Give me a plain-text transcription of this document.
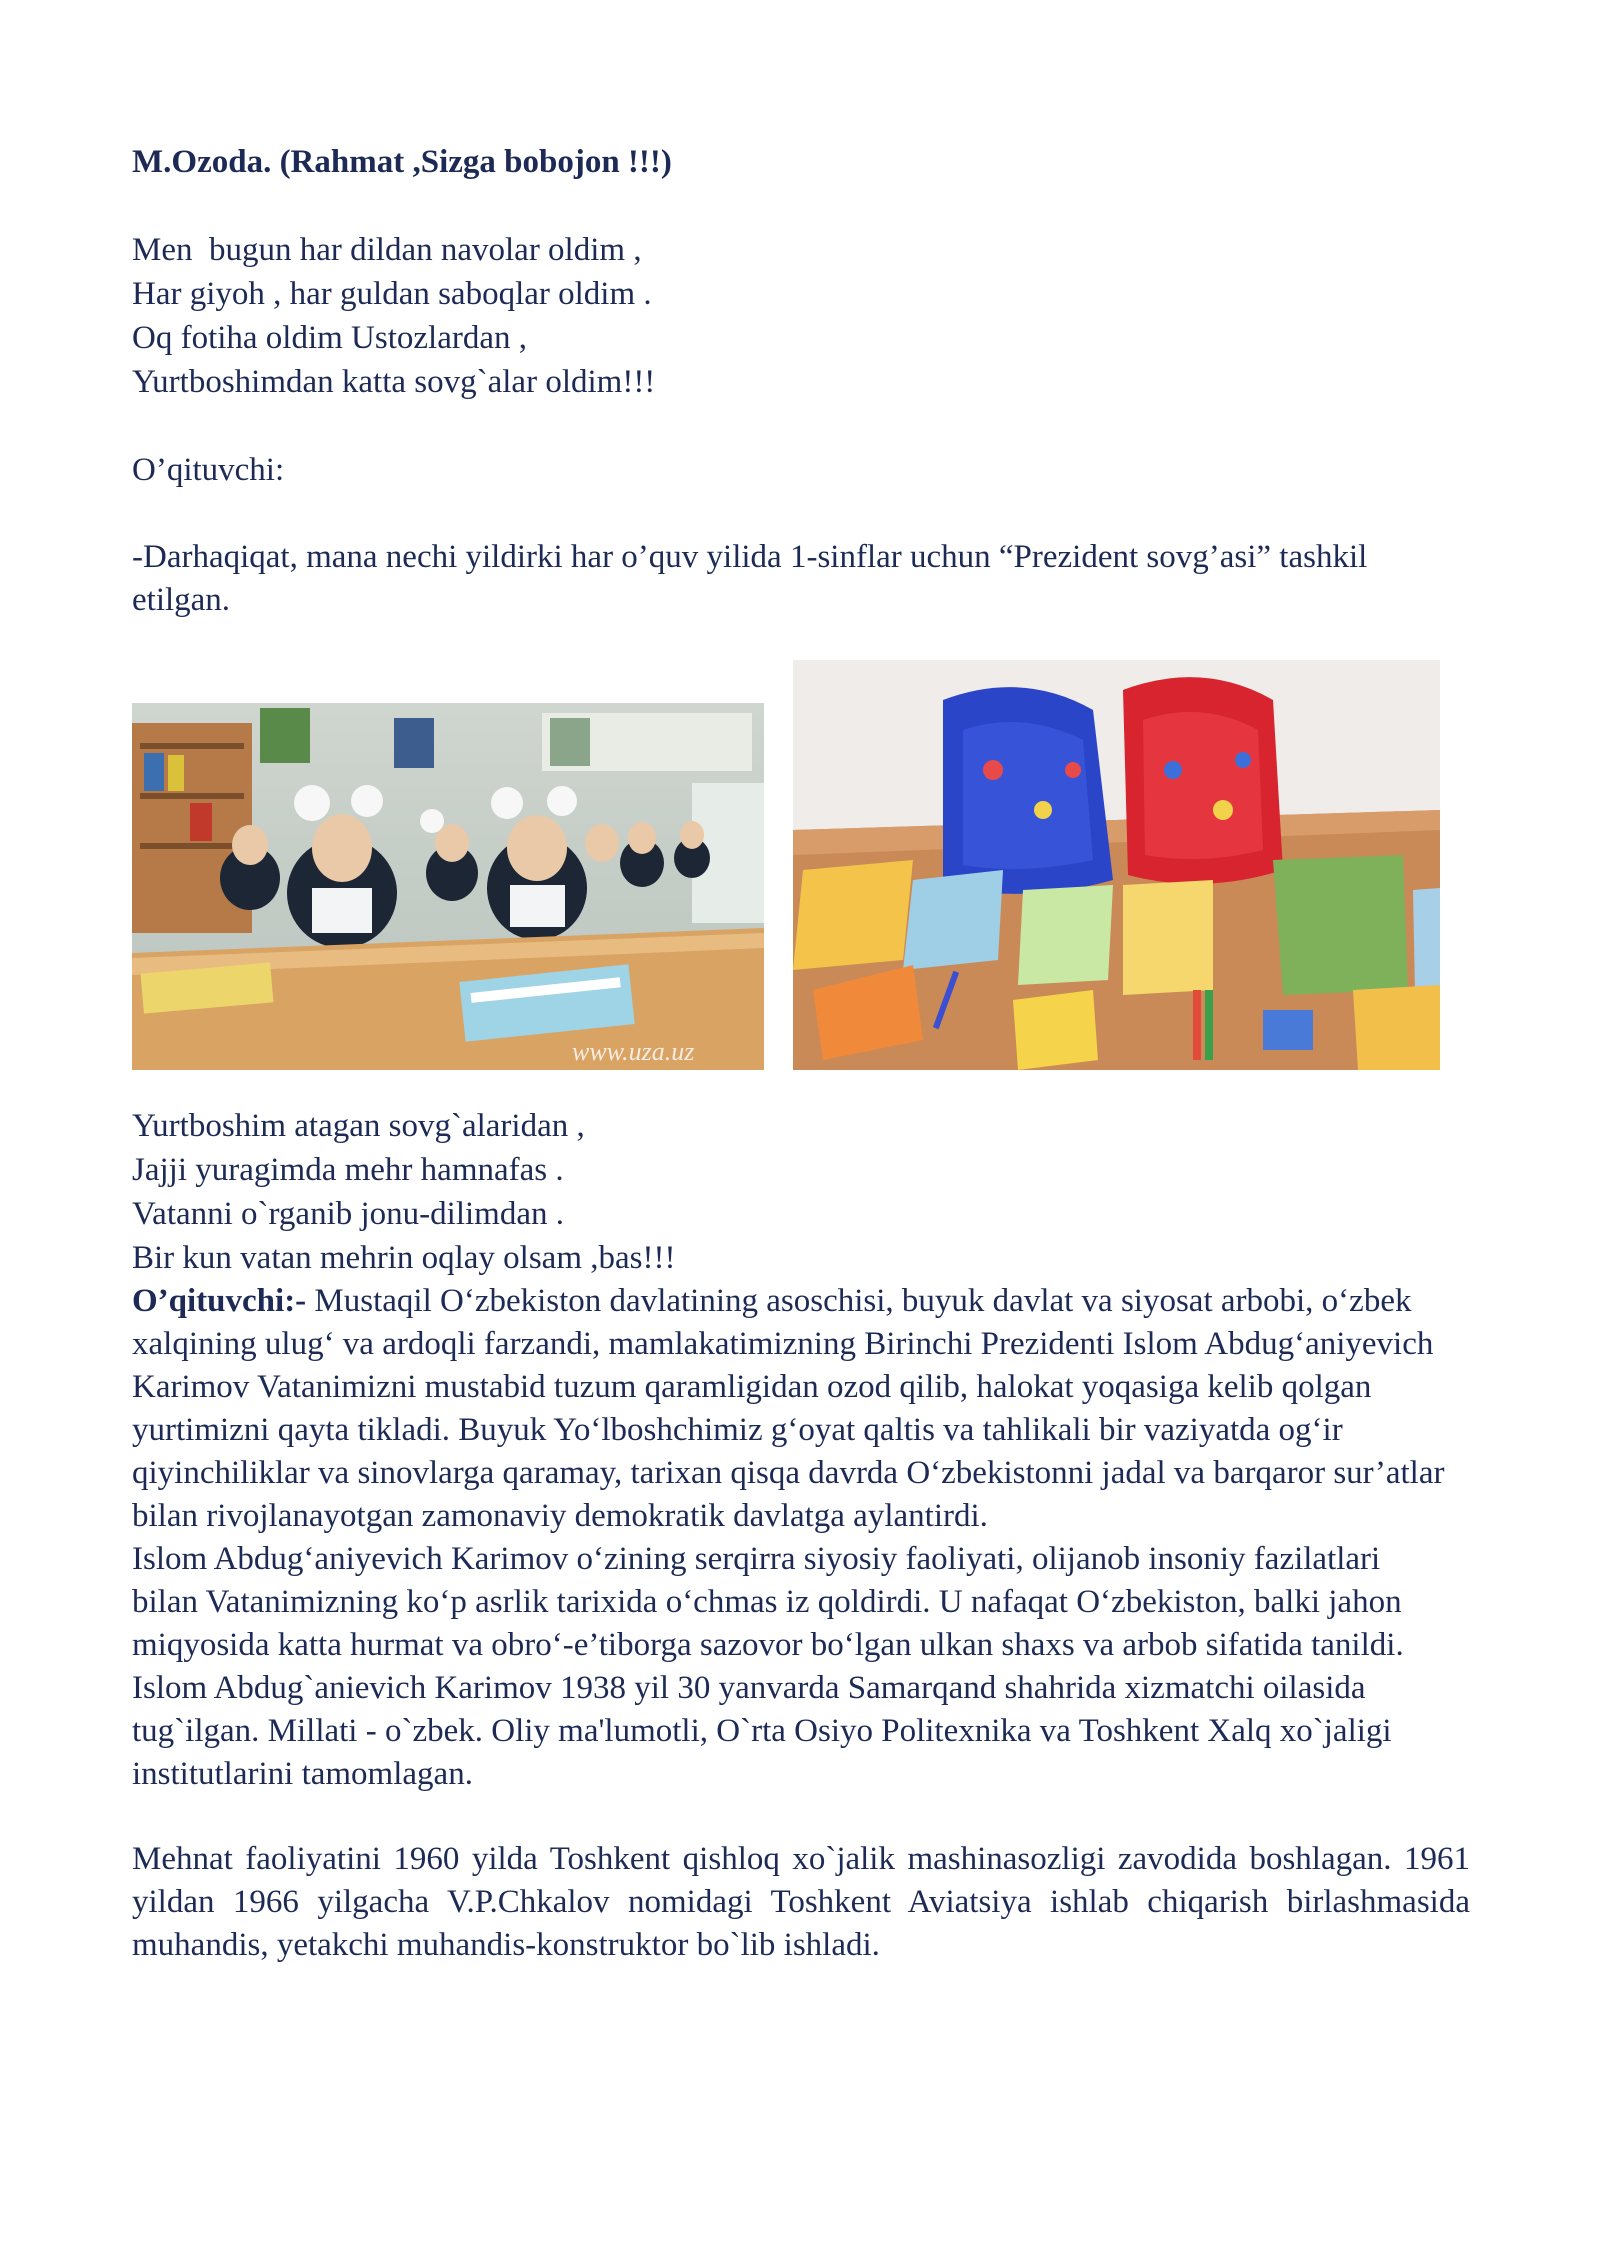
M.Ozoda. (Rahmat ,Sizga bobojon !!!)

Men  bugun har dildan navolar oldim ,

Har giyoh , har guldan saboqlar oldim .

Oq fotiha oldim Ustozlardan ,

Yurtboshimdan katta sovg`alar oldim!!!

O’qituvchi:

-Darhaqiqat, mana nechi yildirki har o’quv yilida 1-sinflar uchun “Prezident sovg’asi” tashkil etilgan.

www.uza.uz

Yurtboshim atagan sovg`alaridan ,

Jajji yuragimda mehr hamnafas .

Vatanni o`rganib jonu-dilimdan .

Bir kun vatan mehrin oqlay olsam ,bas!!!

O’qituvchi:- Mustaqil O‘zbekiston davlatining asoschisi, buyuk davlat va siyosat arbobi, o‘zbek xalqining ulug‘ va ardoqli farzandi, mamlakatimizning Birinchi Prezidenti Islom Abdug‘aniyevich Karimov Vatanimizni mustabid tuzum qaramligidan ozod qilib, halokat yoqasiga kelib qolgan yurtimizni qayta tikladi. Buyuk Yo‘lboshchimiz g‘oyat qaltis va tahlikali bir vaziyatda og‘ir qiyinchiliklar va sinovlarga qaramay, tarixan qisqa davrda O‘zbekistonni jadal va barqaror sur’atlar bilan rivojlanayotgan zamonaviy demokratik davlatga aylantirdi.

Islom Abdug‘aniyevich Karimov o‘zining serqirra siyosiy faoliyati, olijanob insoniy fazilatlari bilan Vatanimizning ko‘p asrlik tarixida o‘chmas iz qoldirdi. U nafaqat O‘zbekiston, balki jahon miqyosida katta hurmat va obro‘-e’tiborga sazovor bo‘lgan ulkan shaxs va arbob sifatida tanildi.

Islom Abdug`anievich Karimov 1938 yil 30 yanvarda Samarqand shahrida xizmatchi oilasida tug`ilgan. Millati - o`zbek. Oliy ma'lumotli, O`rta Osiyo Politexnika va Toshkent Xalq xo`jaligi institutlarini tamomlagan.

Mehnat faoliyatini 1960 yilda Toshkent qishloq xo`jalik mashinasozligi zavodida boshlagan. 1961 yildan 1966 yilgacha V.P.Chkalov nomidagi Toshkent Aviatsiya ishlab chiqarish birlashmasida muhandis, yetakchi muhandis-konstruktor bo`lib ishladi.
